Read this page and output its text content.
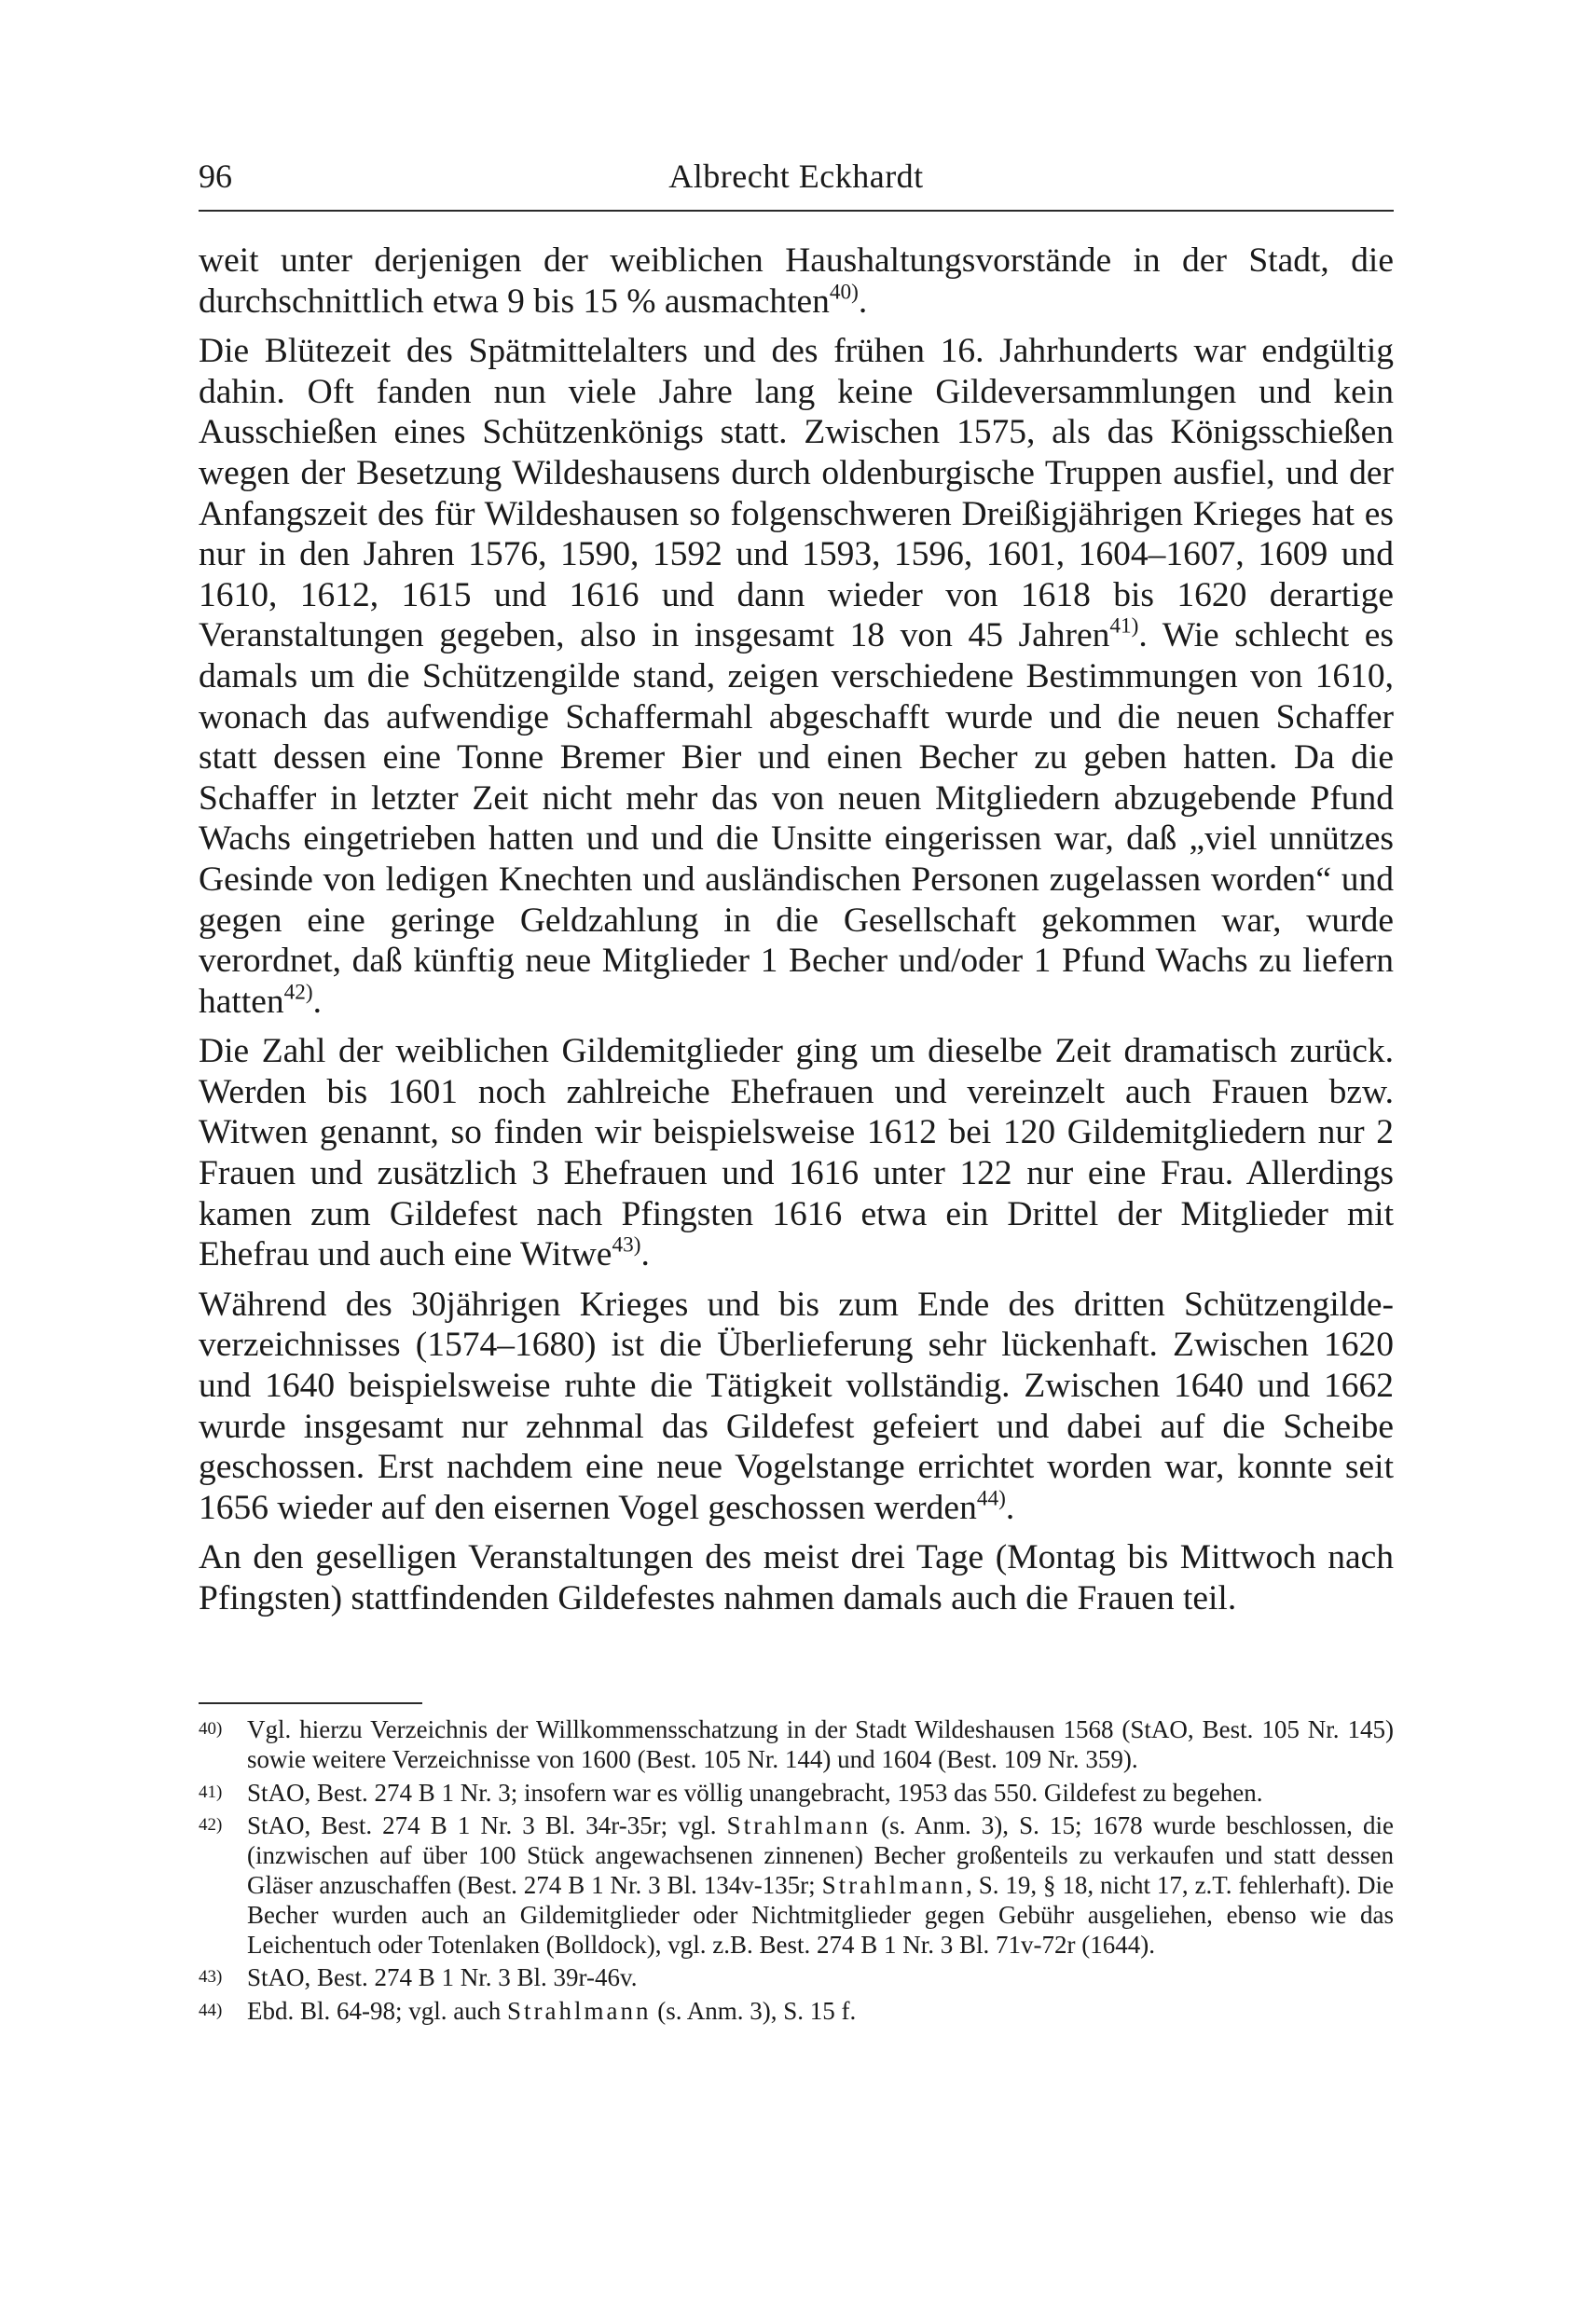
96	Albrecht Eckhardt

weit unter derjenigen der weiblichen Haushaltungsvorstände in der Stadt, die durchschnittlich etwa 9 bis 15 % ausmachten$^{40)}$.

Die Blütezeit des Spätmittelalters und des frühen 16. Jahrhunderts war endgültig dahin. Oft fanden nun viele Jahre lang keine Gildeversammlungen und kein Ausschießen eines Schützenkönigs statt. Zwischen 1575, als das Königsschießen wegen der Besetzung Wildeshausens durch oldenburgische Truppen ausfiel, und der Anfangszeit des für Wildeshausen so folgenschweren Dreißigjährigen Krieges hat es nur in den Jahren 1576, 1590, 1592 und 1593, 1596, 1601, 1604–1607, 1609 und 1610, 1612, 1615 und 1616 und dann wieder von 1618 bis 1620 derartige Veranstaltungen gegeben, also in insgesamt 18 von 45 Jahren$^{41)}$. Wie schlecht es damals um die Schützengilde stand, zeigen verschiedene Bestimmungen von 1610, wonach das aufwendige Schaffermahl abgeschafft wurde und die neuen Schaffer statt dessen eine Tonne Bremer Bier und einen Becher zu geben hatten. Da die Schaffer in letzter Zeit nicht mehr das von neuen Mitgliedern abzugebende Pfund Wachs eingetrieben hatten und und die Unsitte eingerissen war, daß „viel unnützes Gesinde von ledigen Knechten und ausländischen Personen zugelassen worden“ und gegen eine geringe Geldzahlung in die Gesellschaft gekommen war, wurde verordnet, daß künftig neue Mitglieder 1 Becher und/oder 1 Pfund Wachs zu liefern hatten$^{42)}$.

Die Zahl der weiblichen Gildemitglieder ging um dieselbe Zeit dramatisch zurück. Werden bis 1601 noch zahlreiche Ehefrauen und vereinzelt auch Frauen bzw. Witwen genannt, so finden wir beispielsweise 1612 bei 120 Gildemitgliedern nur 2 Frauen und zusätzlich 3 Ehefrauen und 1616 unter 122 nur eine Frau. Allerdings kamen zum Gildefest nach Pfingsten 1616 etwa ein Drittel der Mitglieder mit Ehefrau und auch eine Witwe$^{43)}$.

Während des 30jährigen Krieges und bis zum Ende des dritten Schützengildeverzeichnisses (1574–1680) ist die Überlieferung sehr lückenhaft. Zwischen 1620 und 1640 beispielsweise ruhte die Tätigkeit vollständig. Zwischen 1640 und 1662 wurde insgesamt nur zehnmal das Gildefest gefeiert und dabei auf die Scheibe geschossen. Erst nachdem eine neue Vogelstange errichtet worden war, konnte seit 1656 wieder auf den eisernen Vogel geschossen werden$^{44)}$.

An den geselligen Veranstaltungen des meist drei Tage (Montag bis Mittwoch nach Pfingsten) stattfindenden Gildefestes nahmen damals auch die Frauen teil.

40) Vgl. hierzu Verzeichnis der Willkommensschatzung in der Stadt Wildeshausen 1568 (StAO, Best. 105 Nr. 145) sowie weitere Verzeichnisse von 1600 (Best. 105 Nr. 144) und 1604 (Best. 109 Nr. 359).
41) StAO, Best. 274 B 1 Nr. 3; insofern war es völlig unangebracht, 1953 das 550. Gildefest zu begehen.
42) StAO, Best. 274 B 1 Nr. 3 Bl. 34r-35r; vgl. Strahlmann (s. Anm. 3), S. 15; 1678 wurde beschlossen, die (inzwischen auf über 100 Stück angewachsenen zinnenen) Becher großenteils zu verkaufen und statt dessen Gläser anzuschaffen (Best. 274 B 1 Nr. 3 Bl. 134v-135r; Strahlmann, S. 19, § 18, nicht 17, z.T. fehlerhaft). Die Becher wurden auch an Gildemitglieder oder Nichtmitglieder gegen Gebühr ausgeliehen, ebenso wie das Leichentuch oder Totenlaken (Bolldock), vgl. z.B. Best. 274 B 1 Nr. 3 Bl. 71v-72r (1644).
43) StAO, Best. 274 B 1 Nr. 3 Bl. 39r-46v.
44) Ebd. Bl. 64-98; vgl. auch Strahlmann (s. Anm. 3), S. 15 f.
